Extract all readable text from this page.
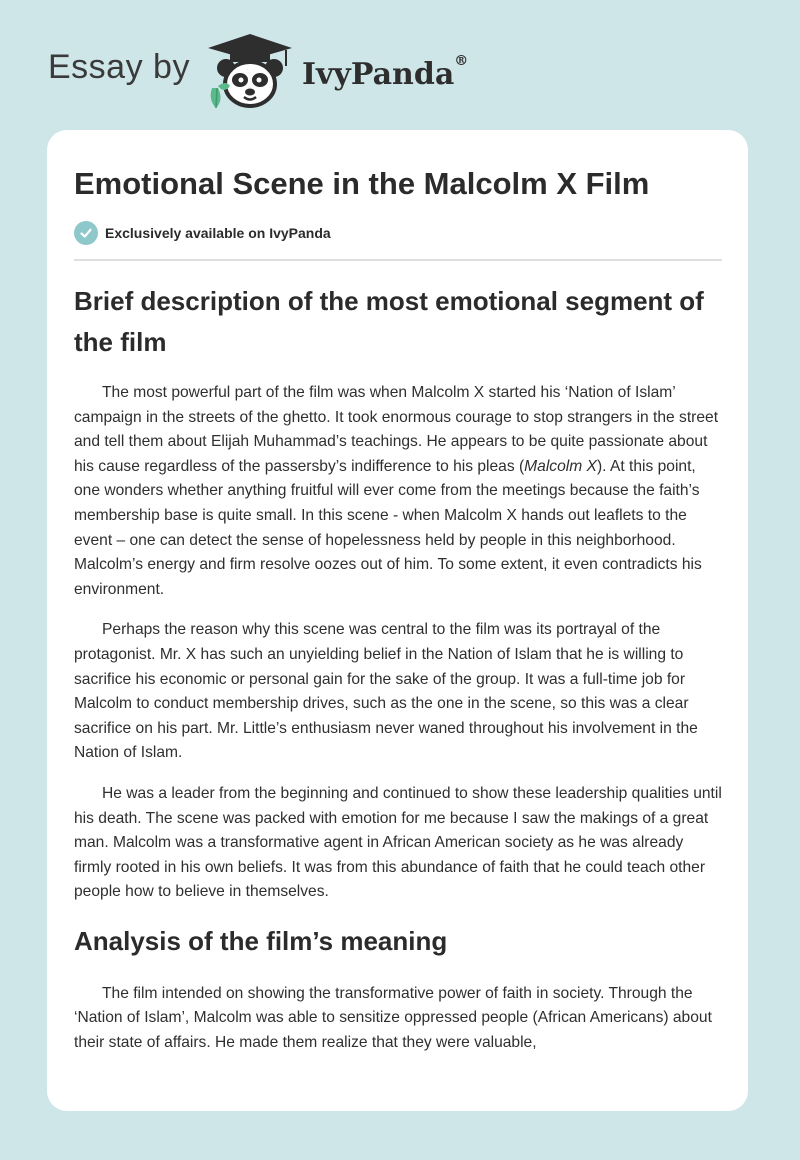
Essay by	IvyPanda®
Emotional Scene in the Malcolm X Film
Exclusively available on IvyPanda
Brief description of the most emotional segment of the film

The most powerful part of the film was when Malcolm X started his ‘Nation of Islam’ campaign in the streets of the ghetto. It took enormous courage to stop strangers in the street and tell them about Elijah Muhammad’s teachings. He appears to be quite passionate about his cause regardless of the passersby’s indifference to his pleas (Malcolm X). At this point, one wonders whether anything fruitful will ever come from the meetings because the faith’s membership base is quite small. In this scene - when Malcolm X hands out leaflets to the event – one can detect the sense of hopelessness held by people in this neighborhood. Malcolm’s energy and firm resolve oozes out of him. To some extent, it even contradicts his environment.

Perhaps the reason why this scene was central to the film was its portrayal of the protagonist. Mr. X has such an unyielding belief in the Nation of Islam that he is willing to sacrifice his economic or personal gain for the sake of the group. It was a full-time job for Malcolm to conduct membership drives, such as the one in the scene, so this was a clear sacrifice on his part. Mr. Little’s enthusiasm never waned throughout his involvement in the Nation of Islam.

He was a leader from the beginning and continued to show these leadership qualities until his death. The scene was packed with emotion for me because I saw the makings of a great man. Malcolm was a transformative agent in African American society as he was already firmly rooted in his own beliefs. It was from this abundance of faith that he could teach other people how to believe in themselves.

Analysis of the film’s meaning

The film intended on showing the transformative power of faith in society. Through the ‘Nation of Islam’, Malcolm was able to sensitize oppressed people (African Americans) about their state of affairs. He made them realize that they were valuable,
